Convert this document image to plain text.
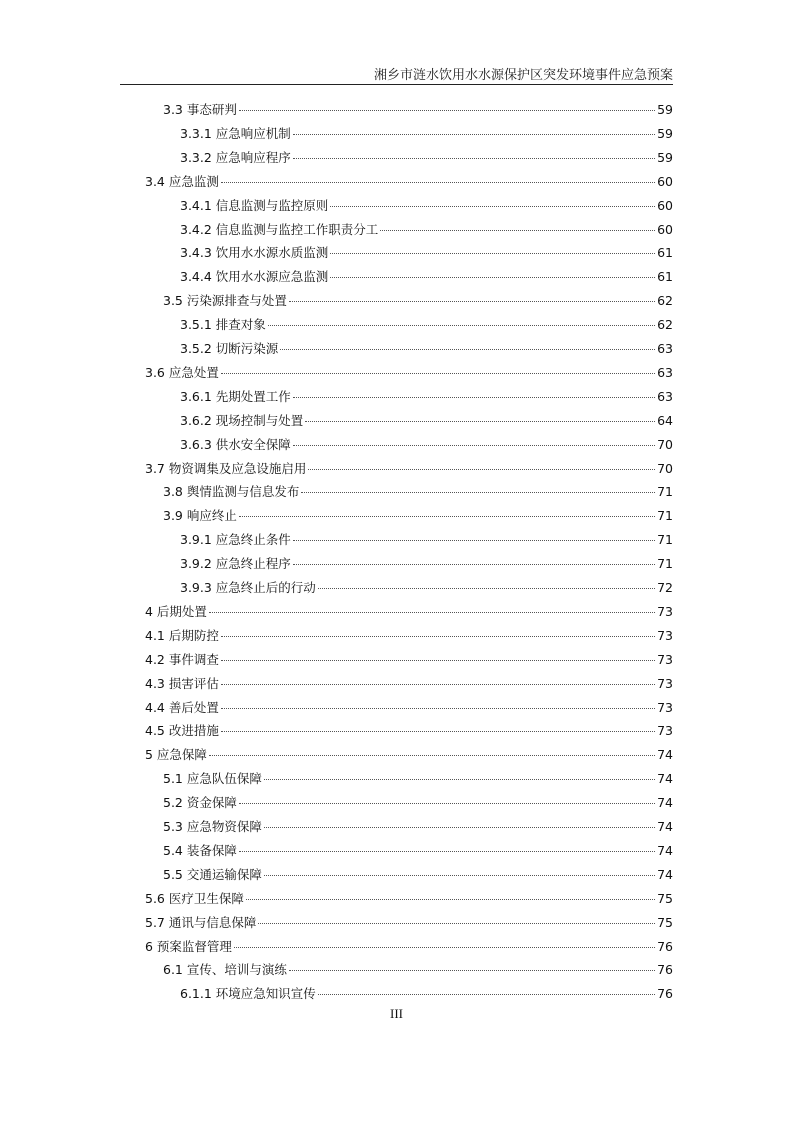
湘乡市涟水饮用水水源保护区突发环境事件应急预案
3.3 事态研判	59
3.3.1 应急响应机制	59
3.3.2 应急响应程序	59
3.4 应急监测	60
3.4.1 信息监测与监控原则	60
3.4.2 信息监测与监控工作职责分工	60
3.4.3 饮用水水源水质监测	61
3.4.4 饮用水水源应急监测	61
3.5 污染源排查与处置	62
3.5.1 排查对象	62
3.5.2 切断污染源	63
3.6 应急处置	63
3.6.1 先期处置工作	63
3.6.2 现场控制与处置	64
3.6.3 供水安全保障	70
3.7 物资调集及应急设施启用	70
3.8 舆情监测与信息发布	71
3.9 响应终止	71
3.9.1 应急终止条件	71
3.9.2 应急终止程序	71
3.9.3 应急终止后的行动	72
4 后期处置	73
4.1 后期防控	73
4.2 事件调查	73
4.3 损害评估	73
4.4 善后处置	73
4.5 改进措施	73
5 应急保障	74
5.1 应急队伍保障	74
5.2 资金保障	74
5.3 应急物资保障	74
5.4 装备保障	74
5.5 交通运输保障	74
5.6 医疗卫生保障	75
5.7 通讯与信息保障	75
6 预案监督管理	76
6.1 宣传、培训与演练	76
6.1.1 环境应急知识宣传	76
III
